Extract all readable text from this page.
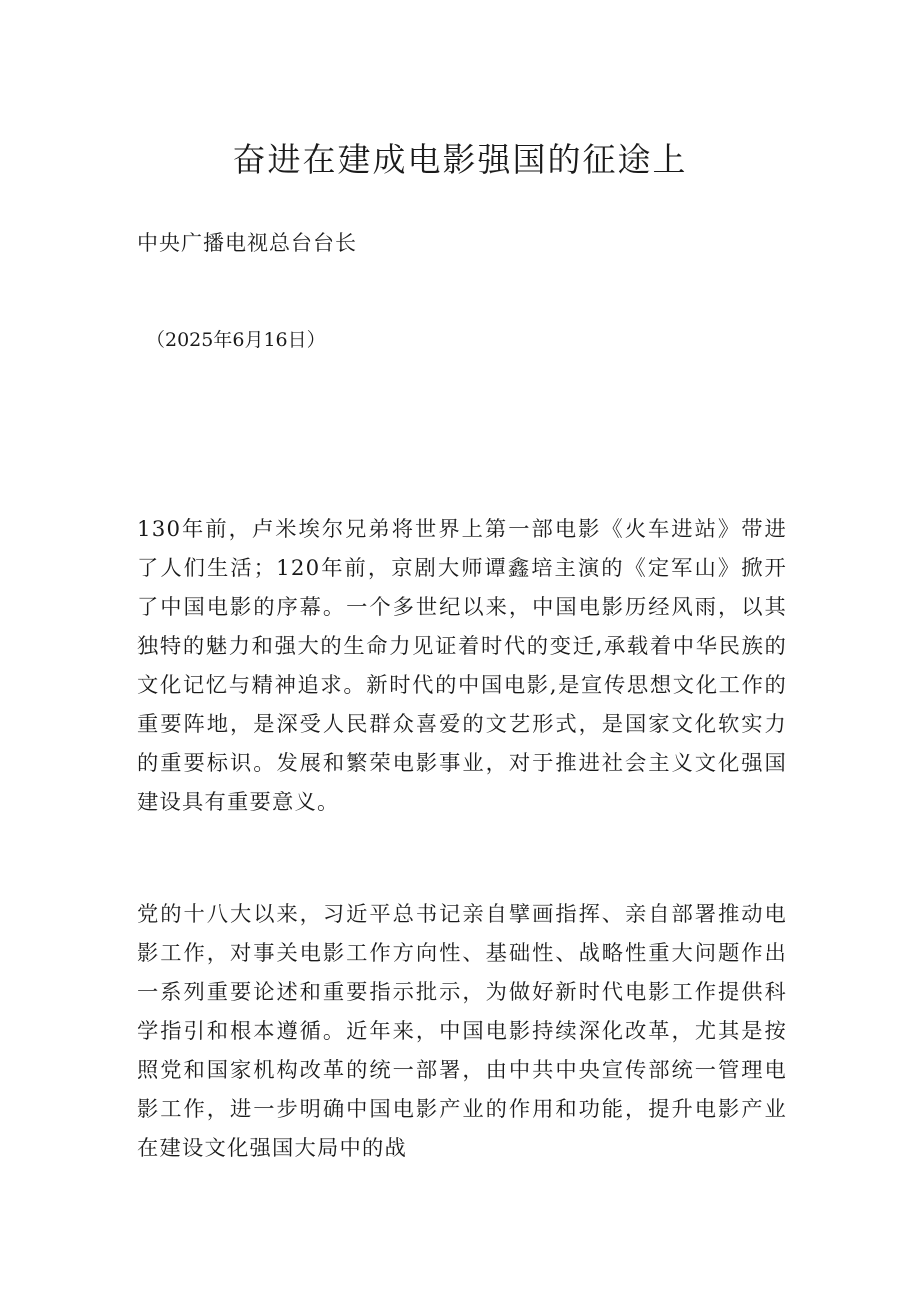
奋进在建成电影强国的征途上

中央广播电视总台台长

（2025年6月16日）

130年前，卢米埃尔兄弟将世界上第一部电影《火车进站》带进了人们生活；120年前，京剧大师谭鑫培主演的《定军山》掀开了中国电影的序幕。一个多世纪以来，中国电影历经风雨，以其独特的魅力和强大的生命力见证着时代的变迁,承载着中华民族的文化记忆与精神追求。新时代的中国电影,是宣传思想文化工作的重要阵地，是深受人民群众喜爱的文艺形式，是国家文化软实力的重要标识。发展和繁荣电影事业，对于推进社会主义文化强国建设具有重要意义。

党的十八大以来，习近平总书记亲自擘画指挥、亲自部署推动电影工作，对事关电影工作方向性、基础性、战略性重大问题作出一系列重要论述和重要指示批示，为做好新时代电影工作提供科学指引和根本遵循。近年来，中国电影持续深化改革，尤其是按照党和国家机构改革的统一部署，由中共中央宣传部统一管理电影工作，进一步明确中国电影产业的作用和功能，提升电影产业在建设文化强国大局中的战
